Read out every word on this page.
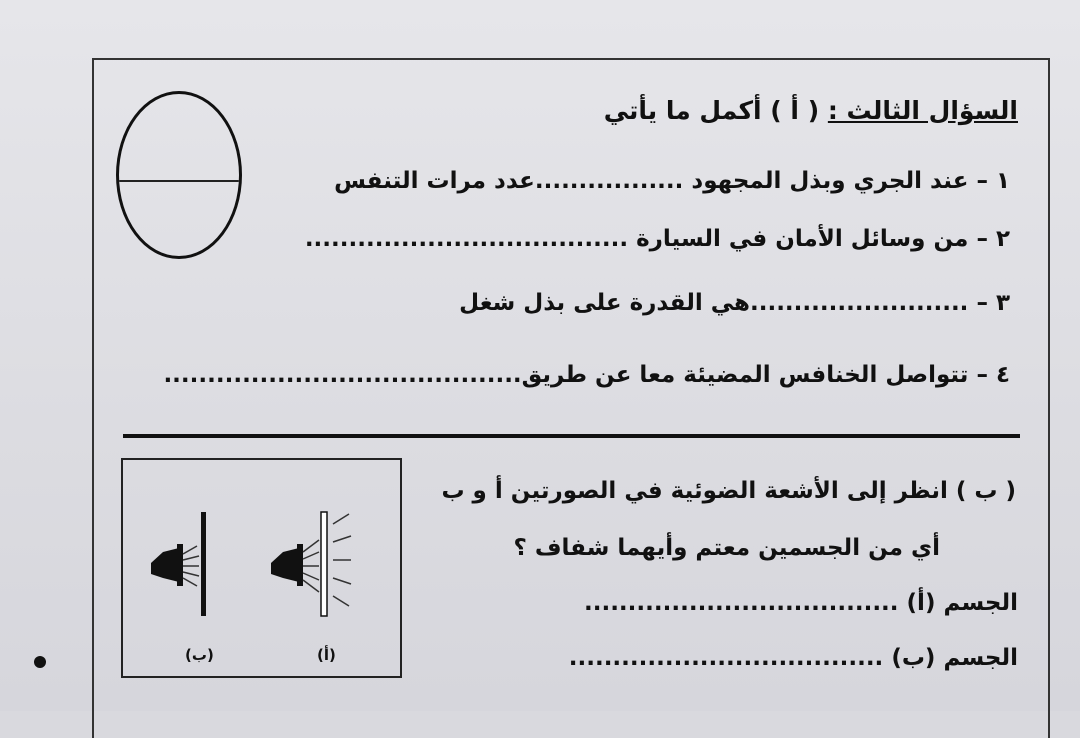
السؤال الثالث : ( أ ) أكمل ما يأتي
١ – عند الجري وبذل المجهود .................عدد مرات التنفس
٢ – من وسائل الأمان في السيارة .....................................
٣ – .........................هي القدرة على بذل شغل
٤ – تتواصل الخنافس المضيئة معا عن طريق.........................................
( ب ) انظر إلى الأشعة الضوئية في الصورتين أ و ب
أي من الجسمين معتم وأيهما شفاف ؟
الجسم (أ) ....................................
الجسم (ب) ....................................
(ب)	(أ)
